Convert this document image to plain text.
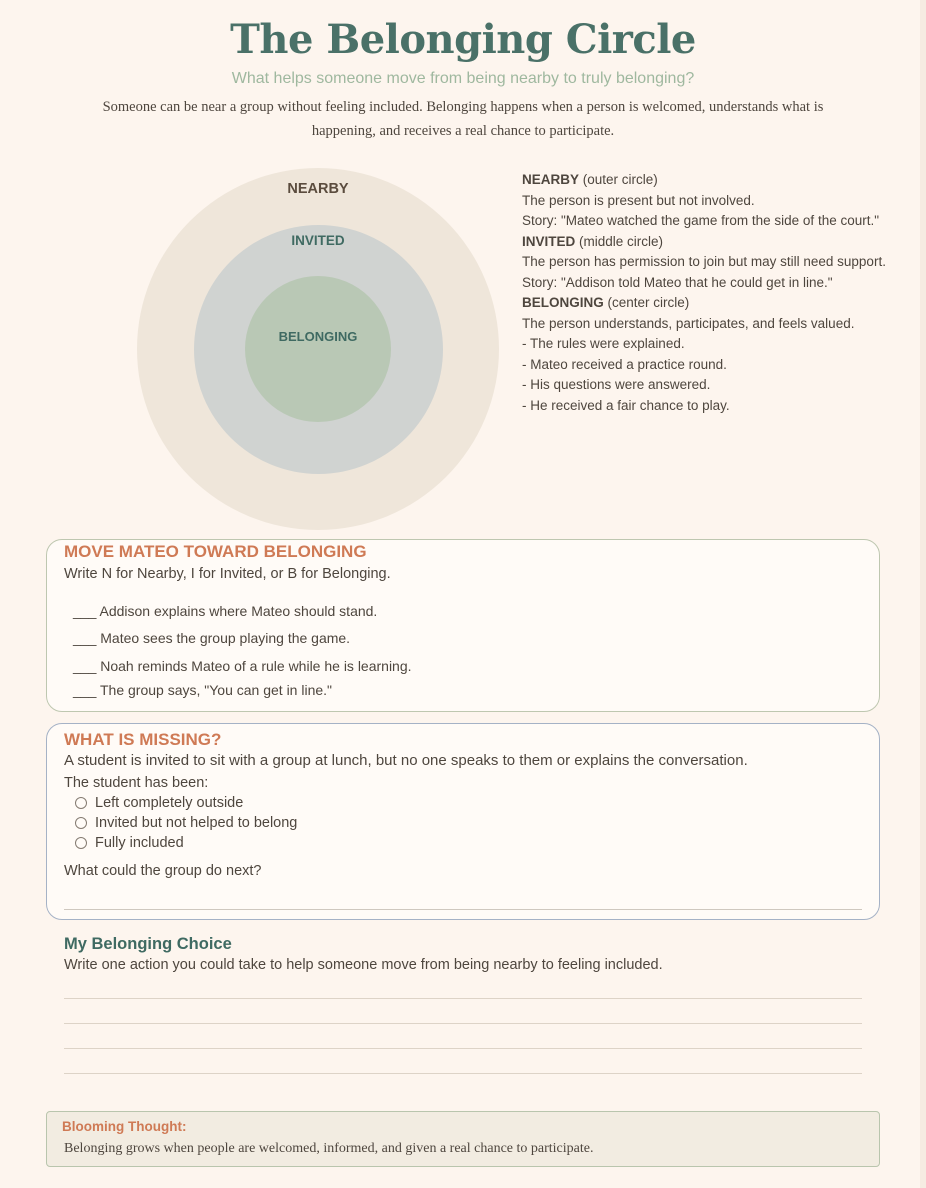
The Belonging Circle
What helps someone move from being nearby to truly belonging?

Someone can be near a group without feeling included. Belonging happens when a person is welcomed, understands what is happening, and receives a real chance to participate.

NEARBY
INVITED
BELONGING
NEARBY (outer circle)
The person is present but not involved.
Story: "Mateo watched the game from the side of the court."
INVITED (middle circle)
The person has permission to join but may still need support.
Story: "Addison told Mateo that he could get in line."
BELONGING (center circle)
The person understands, participates, and feels valued.
- The rules were explained.
- Mateo received a practice round.
- His questions were answered.
- He received a fair chance to play.
MOVE MATEO TOWARD BELONGING
Write N for Nearby, I for Invited, or B for Belonging.
___ Addison explains where Mateo should stand.
___ Mateo sees the group playing the game.
___ Noah reminds Mateo of a rule while he is learning.
___ The group says, "You can get in line."
WHAT IS MISSING?
A student is invited to sit with a group at lunch, but no one speaks to them or explains the conversation.
The student has been:
Left completely outside
Invited but not helped to belong
Fully included
What could the group do next?
My Belonging Choice
Write one action you could take to help someone move from being nearby to feeling included.
Blooming Thought:
Belonging grows when people are welcomed, informed, and given a real chance to participate.
